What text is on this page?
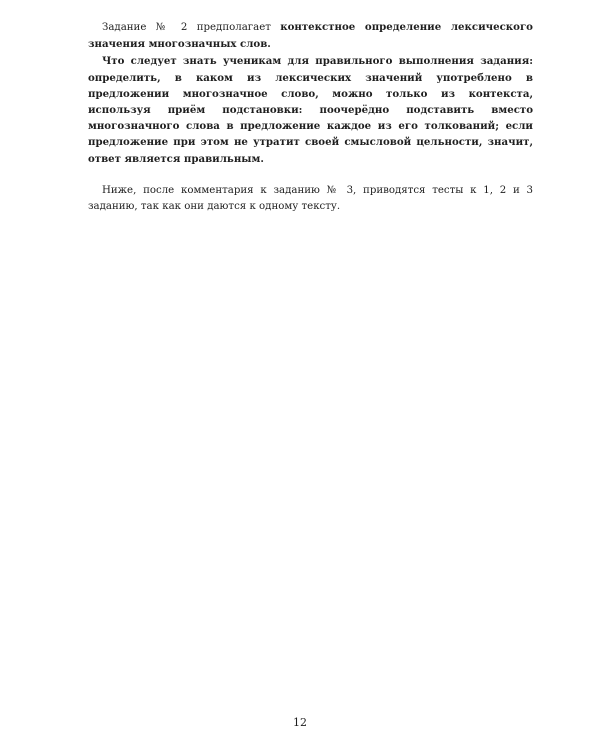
Задание № 2 предполагает контекстное определение лексического значения многозначных слов.

Что следует знать ученикам для правильного выполнения задания: определить, в каком из лексических значений употреблено в предложении многозначное слово, можно только из контекста, используя приём подстановки: поочерёдно подставить вместо многозначного слова в предложение каждое из его толкований; если предложение при этом не утратит своей смысловой цельности, значит, ответ является правильным.

Ниже, после комментария к заданию № 3, приводятся тесты к 1, 2 и 3 заданию, так как они даются к одному тексту.

12
